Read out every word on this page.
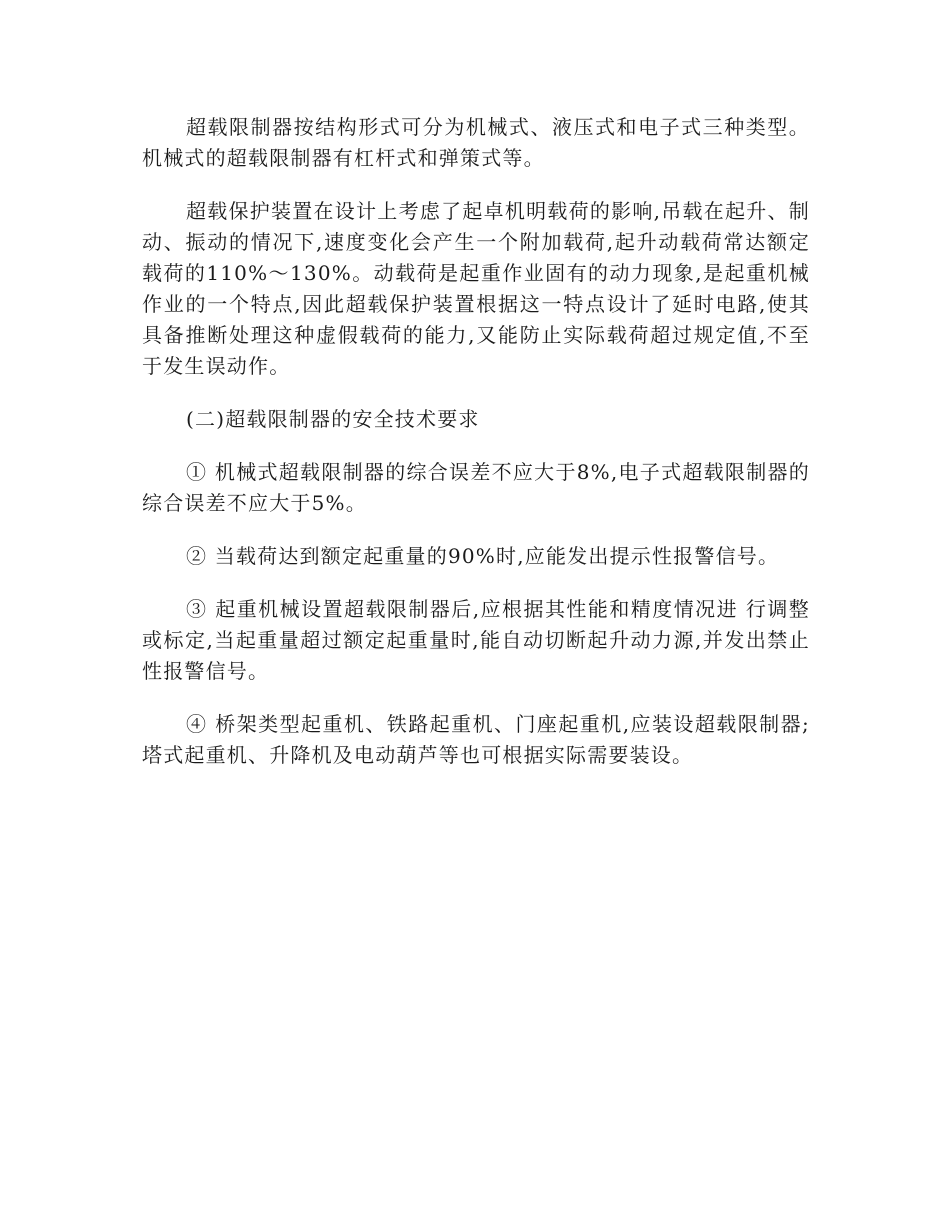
超载限制器按结构形式可分为机械式、液压式和电子式三种类型。机械式的超载限制器有杠杆式和弹策式等。

超载保护装置在设计上考虑了起卓机明载荷的影响,吊载在起升、制动、振动的情况下,速度变化会产生一个附加载荷,起升动载荷常达额定载荷的110%～130%。动载荷是起重作业固有的动力现象,是起重机械作业的一个特点,因此超载保护装置根据这一特点设计了延时电路,使其具备推断处理这种虚假载荷的能力,又能防止实际载荷超过规定值,不至于发生误动作。

(二)超载限制器的安全技术要求

① 机械式超载限制器的综合误差不应大于8%,电子式超载限制器的综合误差不应大于5%。

② 当载荷达到额定起重量的90%时,应能发出提示性报警信号。

③ 起重机械设置超载限制器后,应根据其性能和精度情况进 行调整或标定,当起重量超过额定起重量时,能自动切断起升动力源,并发出禁止性报警信号。

④ 桥架类型起重机、铁路起重机、门座起重机,应装设超载限制器;塔式起重机、升降机及电动葫芦等也可根据实际需要装设。
